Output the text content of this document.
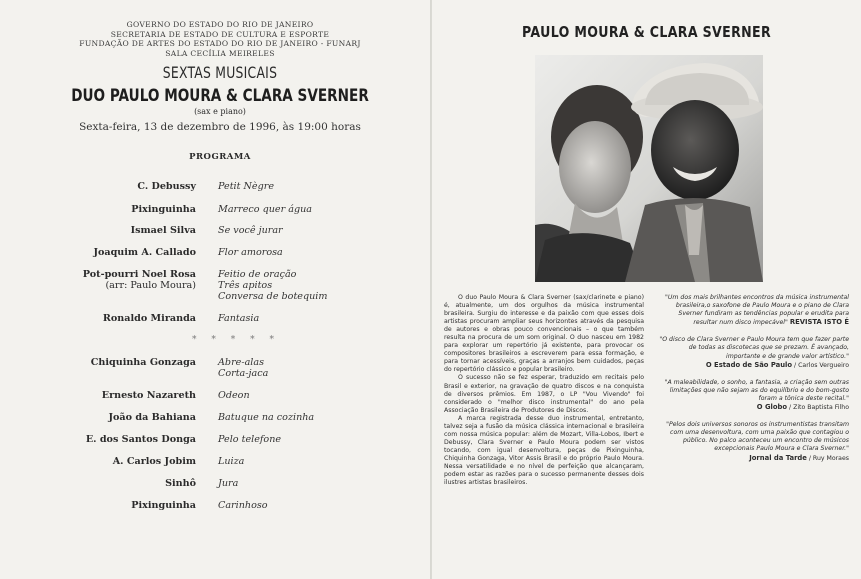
GOVERNO DO ESTADO DO RIO DE JANEIRO
SECRETARIA DE ESTADO DE CULTURA E ESPORTE
FUNDAÇÃO DE ARTES DO ESTADO DO RIO DE JANEIRO - FUNARJ
SALA CECÍLIA MEIRELES
SEXTAS MUSICAIS
DUO PAULO MOURA & CLARA SVERNER
(sax e piano)
Sexta-feira, 13 de dezembro de 1996, às 19:00 horas
PROGRAMA
C. Debussy Petit Nègre
Pixinguinha Marreco quer água
Ismael Silva Se você jurar
Joaquim A. Callado Flor amorosa
Pot-pourri Noel Rosa
(arr: Paulo Moura)
Feitio de oração
Três apitos
Conversa de botequim
Ronaldo Miranda Fantasia
* * * * *
Chiquinha Gonzaga Abre-alas
Corta-jaca
Ernesto Nazareth Odeon
João da Bahiana Batuque na cozinha
E. dos Santos Donga Pelo telefone
A. Carlos Jobim Luiza
Sinhô Jura
Pixinguinha Carinhoso
PAULO MOURA & CLARA SVERNER

O duo Paulo Moura & Clara Sverner (sax/clarinete e piano) é, atualmente, um dos orgulhos da música instrumental brasileira. Surgiu do interesse e da paixão com que esses dois artistas procuram ampliar seus horizontes através da pesquisa de autores e obras pouco convencionais – o que também resulta na procura de um som original. O duo nasceu em 1982 para explorar um repertório já existente, para provocar os compositores brasileiros a escreverem para essa formação, e para tornar acessíveis, graças a arranjos bem cuidados, peças do repertório clássico e popular brasileiro.

O sucesso não se fez esperar, traduzido em recitais pelo Brasil e exterior, na gravação de quatro discos e na conquista de diversos prêmios. Em 1987, o LP "Vou Vivendo" foi considerado o "melhor disco instrumental" do ano pela Associação Brasileira de Produtores de Discos.

A marca registrada desse duo instrumental, entretanto, talvez seja a fusão da música clássica internacional e brasileira com nossa música popular: além de Mozart, Villa-Lobos, Ibert e Debussy, Clara Sverner e Paulo Moura podem ser vistos tocando, com igual desenvoltura, peças de Pixinguinha, Chiquinha Gonzaga, Vitor Assis Brasil e do próprio Paulo Moura. Nessa versatilidade e no nível de perfeição que alcançaram, podem estar as razões para o sucesso permanente desses dois ilustres artistas brasileiros.

"Um dos mais brilhantes encontros da música instrumental brasileira,o saxofone de Paulo Moura e o piano de Clara Sverner fundiram as tendências popular e erudita para resultar num disco impecável" REVISTA ISTO É
"O disco de Clara Sverner e Paulo Moura tem que fazer parte de todas as discotecas que se prezam. É avançado, importante e de grande valor artístico."
O Estado de São Paulo / Carlos Vergueiro
"A maleabilidade, o sonho, a fantasia, a criação sem outras limitações que não sejam as do equilíbrio e do bom-gosto foram a tônica deste recital."
O Globo / Zito Baptista Filho
"Pelos dois universos sonoros os instrumentistas transitam com uma desenvoltura, com uma paixão que contagiou o público. No palco aconteceu um encontro de músicos excepcionais Paulo Moura e Clara Sverner."
Jornal da Tarde / Ruy Moraes
